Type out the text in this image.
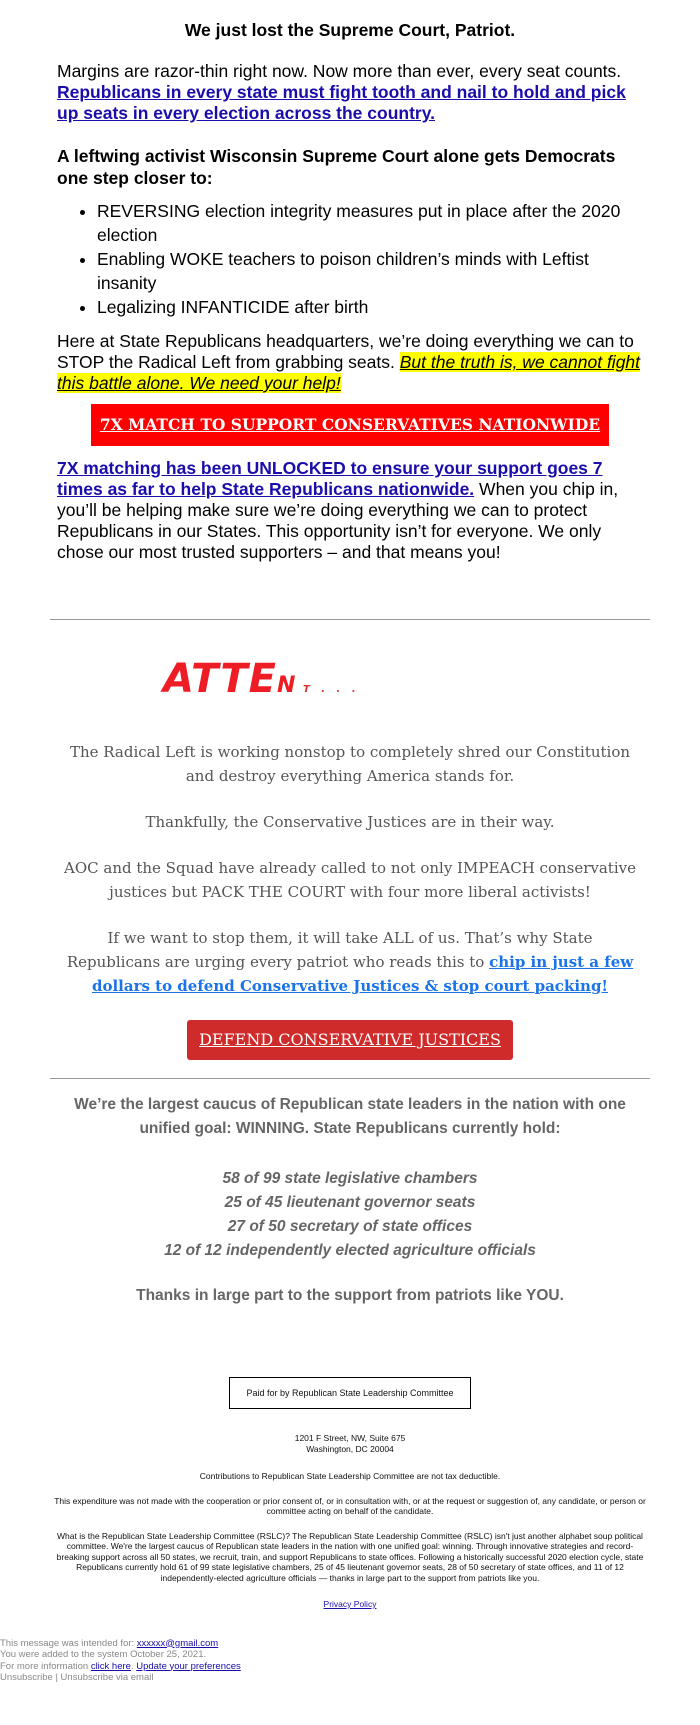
We just lost the Supreme Court, Patriot.

Margins are razor-thin right now. Now more than ever, every seat counts. Republicans in every state must fight tooth and nail to hold and pick up seats in every election across the country.

A leftwing activist Wisconsin Supreme Court alone gets Democrats one step closer to:
• REVERSING election integrity measures put in place after the 2020 election
• Enabling WOKE teachers to poison children’s minds with Leftist insanity
• Legalizing INFANTICIDE after birth

Here at State Republicans headquarters, we’re doing everything we can to STOP the Radical Left from grabbing seats. But the truth is, we cannot fight this battle alone. We need your help!

7X MATCH TO SUPPORT CONSERVATIVES NATIONWIDE

7X matching has been UNLOCKED to ensure your support goes 7 times as far to help State Republicans nationwide. When you chip in, you’ll be helping make sure we’re doing everything we can to protect Republicans in our States. This opportunity isn’t for everyone. We only chose our most trusted supporters – and that means you!

ATTEN T . . .

The Radical Left is working nonstop to completely shred our Constitution and destroy everything America stands for.

Thankfully, the Conservative Justices are in their way.

AOC and the Squad have already called to not only IMPEACH conservative justices but PACK THE COURT with four more liberal activists!

If we want to stop them, it will take ALL of us. That’s why State Republicans are urging every patriot who reads this to chip in just a few dollars to defend Conservative Justices & stop court packing!

DEFEND CONSERVATIVE JUSTICES
We’re the largest caucus of Republican state leaders in the nation with one unified goal: WINNING. State Republicans currently hold:
58 of 99 state legislative chambers
25 of 45 lieutenant governor seats
27 of 50 secretary of state offices
12 of 12 independently elected agriculture officials
Thanks in large part to the support from patriots like YOU.
Paid for by Republican State Leadership Committee
1201 F Street, NW, Suite 675
Washington, DC 20004

Contributions to Republican State Leadership Committee are not tax deductible.

This expenditure was not made with the cooperation or prior consent of, or in consultation with, or at the request or suggestion of, any candidate, or person or committee acting on behalf of the candidate.

What is the Republican State Leadership Committee (RSLC)? The Republican State Leadership Committee (RSLC) isn't just another alphabet soup political committee. We're the largest caucus of Republican state leaders in the nation with one unified goal: winning. Through innovative strategies and record-breaking support across all 50 states, we recruit, train, and support Republicans to state offices. Following a historically successful 2020 election cycle, state Republicans currently hold 61 of 99 state legislative chambers, 25 of 45 lieutenant governor seats, 28 of 50 secretary of state offices, and 11 of 12 independently-elected agriculture officials — thanks in large part to the support from patriots like you.

Privacy Policy

This message was intended for: xxxxxx@gmail.com
You were added to the system October 25, 2021.
For more information click here. Update your preferences
Unsubscribe | Unsubscribe via email
